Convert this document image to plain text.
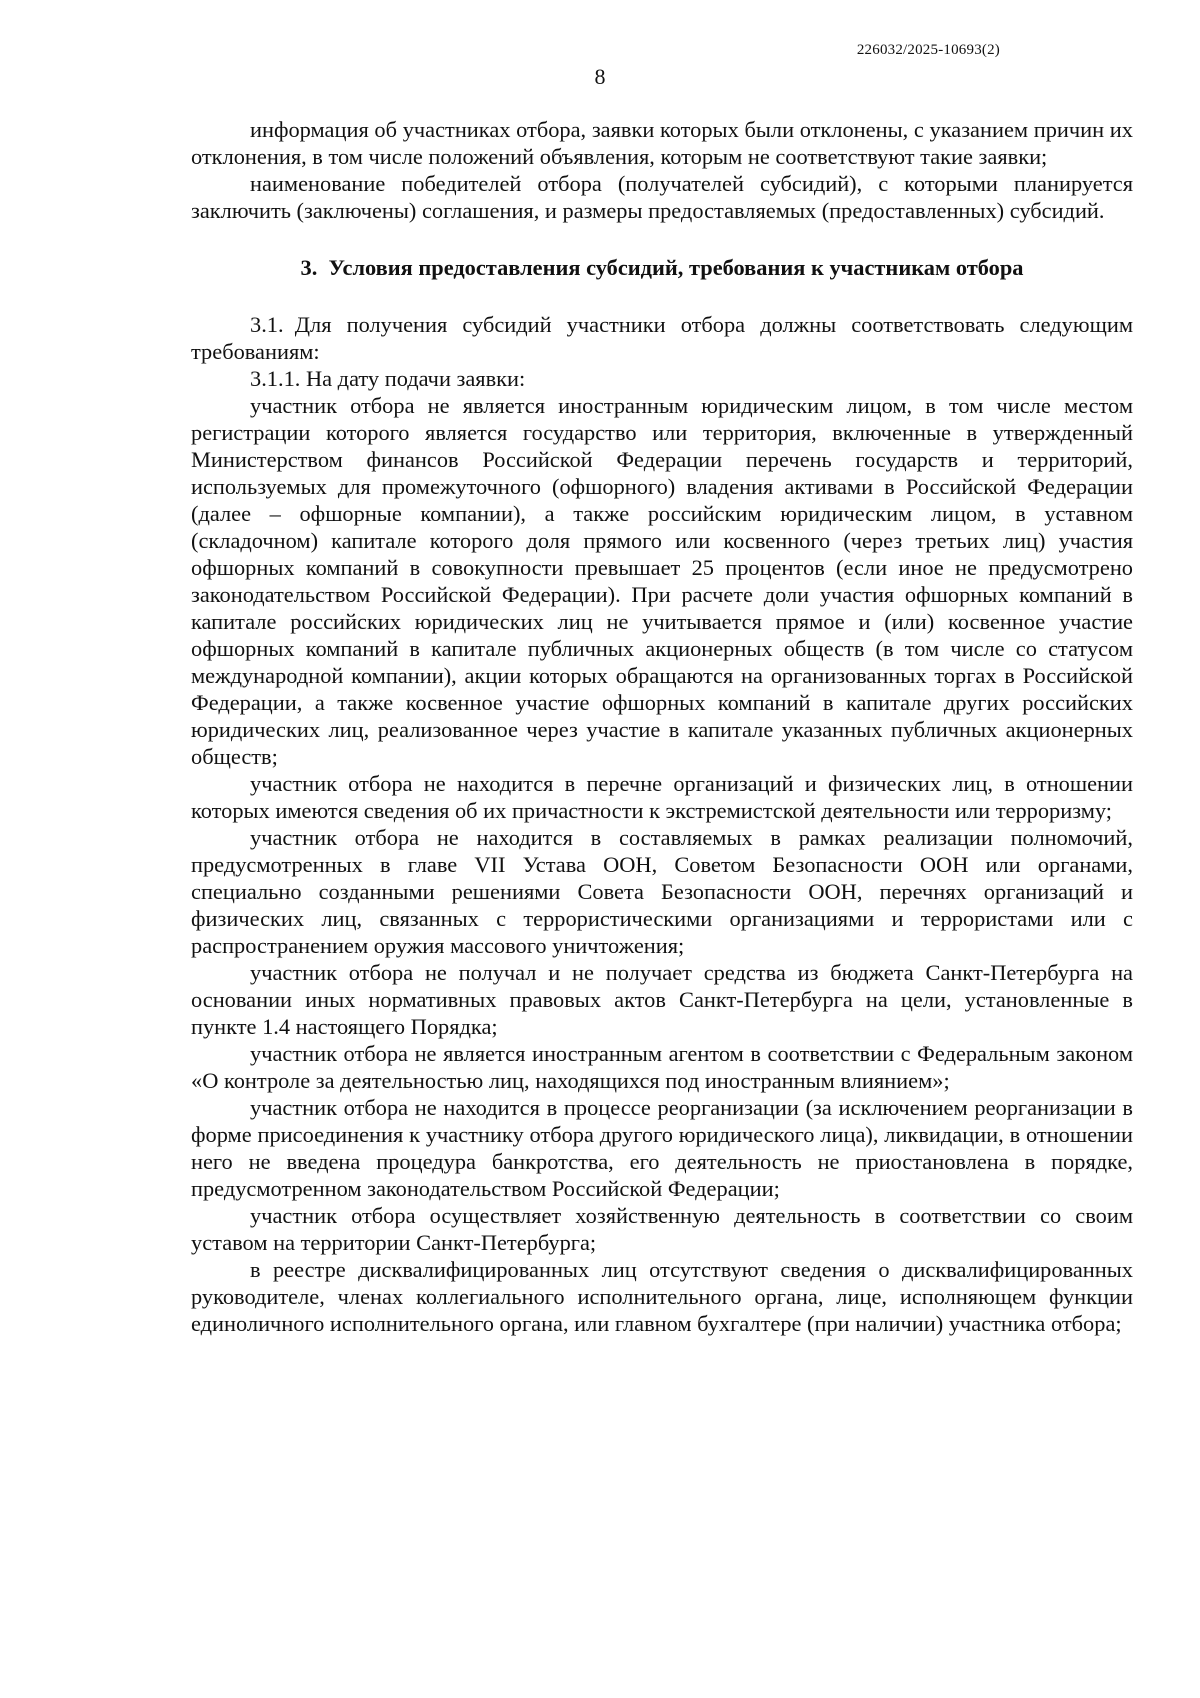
226032/2025-10693(2)
8

информация об участниках отбора, заявки которых были отклонены, с указанием причин их отклонения, в том числе положений объявления, которым не соответствуют такие заявки;

наименование победителей отбора (получателей субсидий), с которыми планируется заключить (заключены) соглашения, и размеры предоставляемых (предоставленных) субсидий.

3. Условия предоставления субсидий, требования к участникам отбора

3.1. Для получения субсидий участники отбора должны соответствовать следующим требованиям:

3.1.1. На дату подачи заявки:

участник отбора не является иностранным юридическим лицом, в том числе местом регистрации которого является государство или территория, включенные в утвержденный Министерством финансов Российской Федерации перечень государств и территорий, используемых для промежуточного (офшорного) владения активами в Российской Федерации (далее – офшорные компании), а также российским юридическим лицом, в уставном (складочном) капитале которого доля прямого или косвенного (через третьих лиц) участия офшорных компаний в совокупности превышает 25 процентов (если иное не предусмотрено законодательством Российской Федерации). При расчете доли участия офшорных компаний в капитале российских юридических лиц не учитывается прямое и (или) косвенное участие офшорных компаний в капитале публичных акционерных обществ (в том числе со статусом международной компании), акции которых обращаются на организованных торгах в Российской Федерации, а также косвенное участие офшорных компаний в капитале других российских юридических лиц, реализованное через участие в капитале указанных публичных акционерных обществ;

участник отбора не находится в перечне организаций и физических лиц, в отношении которых имеются сведения об их причастности к экстремистской деятельности или терроризму;

участник отбора не находится в составляемых в рамках реализации полномочий, предусмотренных в главе VII Устава ООН, Советом Безопасности ООН или органами, специально созданными решениями Совета Безопасности ООН, перечнях организаций и физических лиц, связанных с террористическими организациями и террористами или с распространением оружия массового уничтожения;

участник отбора не получал и не получает средства из бюджета Санкт-Петербурга на основании иных нормативных правовых актов Санкт-Петербурга на цели, установленные в пункте 1.4 настоящего Порядка;

участник отбора не является иностранным агентом в соответствии с Федеральным законом «О контроле за деятельностью лиц, находящихся под иностранным влиянием»;

участник отбора не находится в процессе реорганизации (за исключением реорганизации в форме присоединения к участнику отбора другого юридического лица), ликвидации, в отношении него не введена процедура банкротства, его деятельность не приостановлена в порядке, предусмотренном законодательством Российской Федерации;

участник отбора осуществляет хозяйственную деятельность в соответствии со своим уставом на территории Санкт-Петербурга;

в реестре дисквалифицированных лиц отсутствуют сведения о дисквалифицированных руководителе, членах коллегиального исполнительного органа, лице, исполняющем функции единоличного исполнительного органа, или главном бухгалтере (при наличии) участника отбора;
